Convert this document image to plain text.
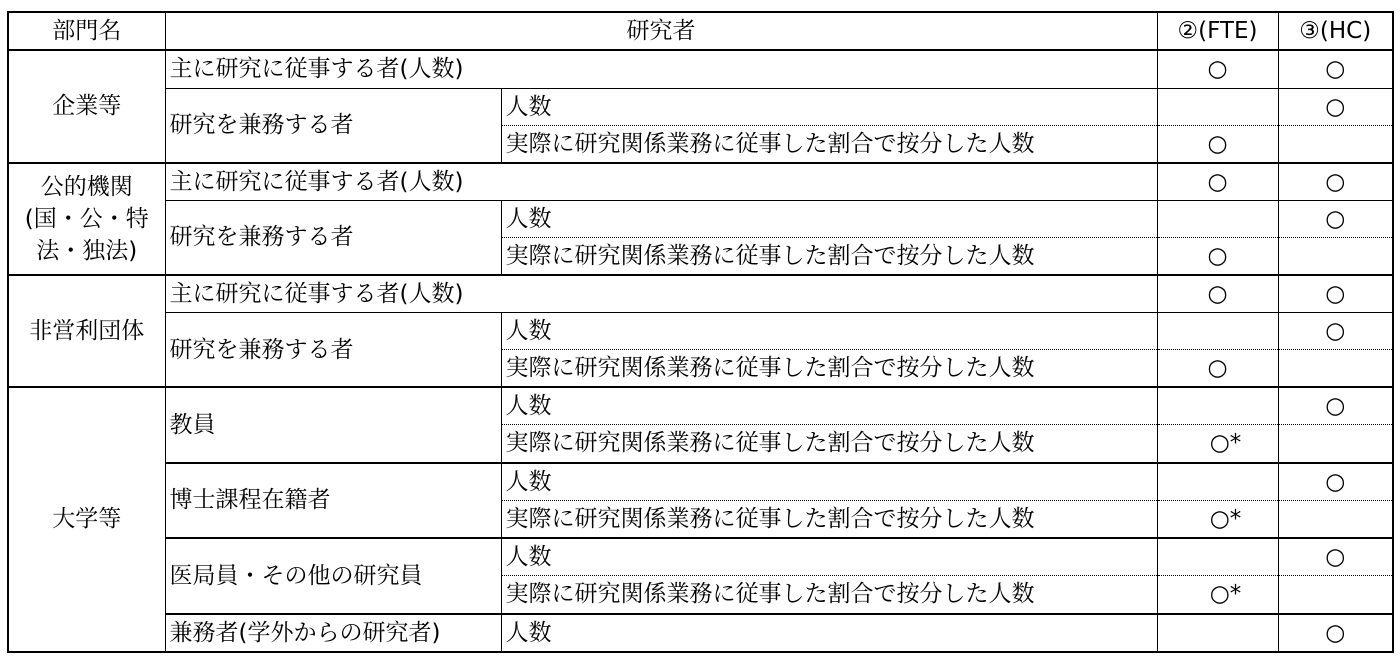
部門名	研究者		②(FTE)	③(HC)
企業等	主に研究に従事する者(人数)		○	○
	研究を兼務する者	人数		○
		実際に研究関係業務に従事した割合で按分した人数	○	
公的機関
(国・公・特
法・独法)	主に研究に従事する者(人数)		○	○
	研究を兼務する者	人数		○
		実際に研究関係業務に従事した割合で按分した人数	○	
非営利団体	主に研究に従事する者(人数)		○	○
	研究を兼務する者	人数		○
		実際に研究関係業務に従事した割合で按分した人数	○	
大学等	教員	人数		○
		実際に研究関係業務に従事した割合で按分した人数	○*	
	博士課程在籍者	人数		○
		実際に研究関係業務に従事した割合で按分した人数	○*	
	医局員・その他の研究員	人数		○
		実際に研究関係業務に従事した割合で按分した人数	○*	
	兼務者(学外からの研究者)	人数		○
